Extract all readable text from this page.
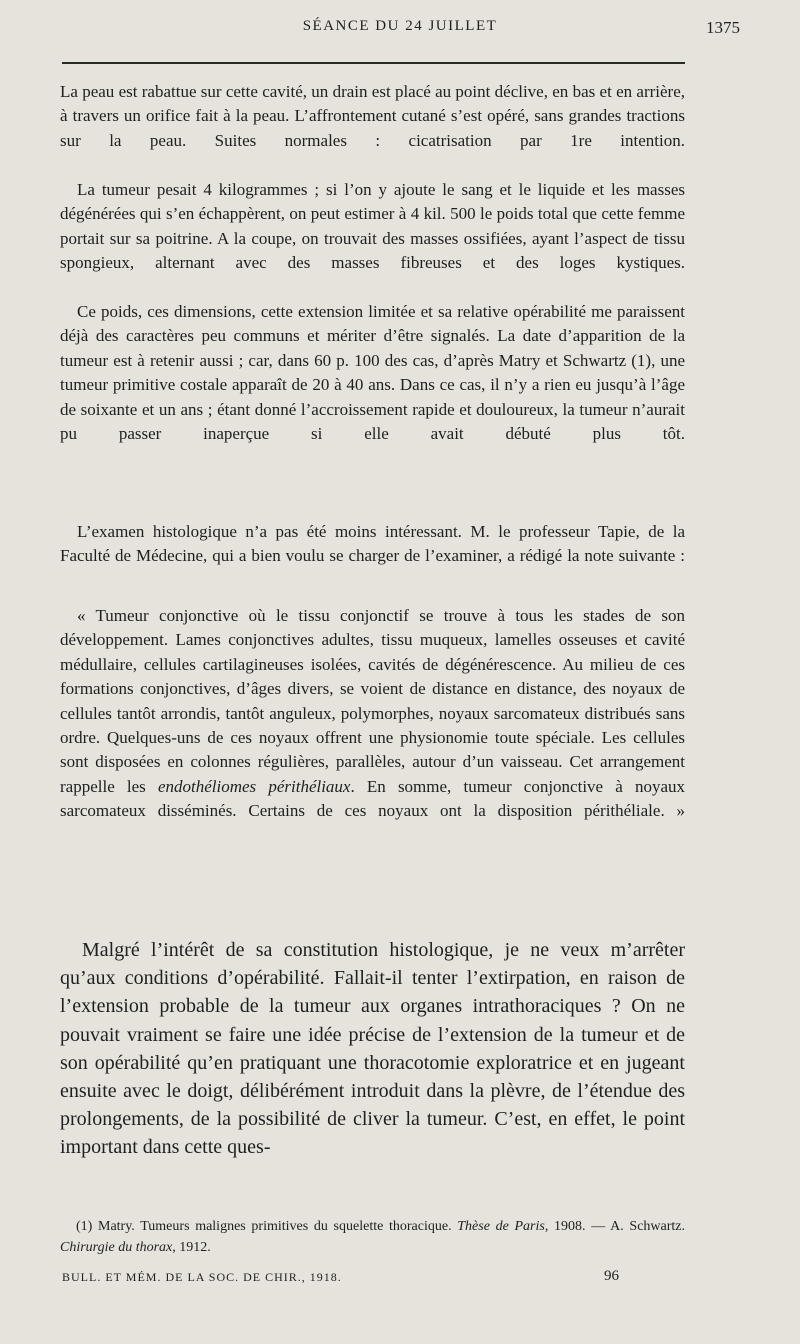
SÉANCE DU 24 JUILLET	1375

La peau est rabattue sur cette cavité, un drain est placé au point déclive, en bas et en arrière, à travers un orifice fait à la peau. L’affrontement cutané s’est opéré, sans grandes tractions sur la peau. Suites normales : cicatrisation par 1re intention.

La tumeur pesait 4 kilogrammes ; si l’on y ajoute le sang et le liquide et les masses dégénérées qui s’en échappèrent, on peut estimer à 4 kil. 500 le poids total que cette femme portait sur sa poitrine. A la coupe, on trouvait des masses ossifiées, ayant l’aspect de tissu spongieux, alternant avec des masses fibreuses et des loges kystiques.

Ce poids, ces dimensions, cette extension limitée et sa relative opérabilité me paraissent déjà des caractères peu communs et mériter d’être signalés. La date d’apparition de la tumeur est à retenir aussi ; car, dans 60 p. 100 des cas, d’après Matry et Schwartz (1), une tumeur primitive costale apparaît de 20 à 40 ans. Dans ce cas, il n’y a rien eu jusqu’à l’âge de soixante et un ans ; étant donné l’accroissement rapide et douloureux, la tumeur n’aurait pu passer inaperçue si elle avait débuté plus tôt.

L’examen histologique n’a pas été moins intéressant. M. le professeur Tapie, de la Faculté de Médecine, qui a bien voulu se charger de l’examiner, a rédigé la note suivante :

« Tumeur conjonctive où le tissu conjonctif se trouve à tous les stades de son développement. Lames conjonctives adultes, tissu muqueux, lamelles osseuses et cavité médullaire, cellules cartilagineuses isolées, cavités de dégénérescence. Au milieu de ces formations conjonctives, d’âges divers, se voient de distance en distance, des noyaux de cellules tantôt arrondis, tantôt anguleux, polymorphes, noyaux sarcomateux distribués sans ordre. Quelques-uns de ces noyaux offrent une physionomie toute spéciale. Les cellules sont disposées en colonnes régulières, parallèles, autour d’un vaisseau. Cet arrangement rappelle les endothéliomes périthéliaux. En somme, tumeur conjonctive à noyaux sarcomateux disséminés. Certains de ces noyaux ont la disposition périthéliale. »

Malgré l’intérêt de sa constitution histologique, je ne veux m’arrêter qu’aux conditions d’opérabilité. Fallait-il tenter l’extirpation, en raison de l’extension probable de la tumeur aux organes intrathoraciques ? On ne pouvait vraiment se faire une idée précise de l’extension de la tumeur et de son opérabilité qu’en pratiquant une thoracotomie exploratrice et en jugeant ensuite avec le doigt, délibérément introduit dans la plèvre, de l’étendue des prolongements, de la possibilité de cliver la tumeur. C’est, en effet, le point important dans cette ques-

(1) Matry. Tumeurs malignes primitives du squelette thoracique. Thèse de Paris, 1908. — A. Schwartz. Chirurgie du thorax, 1912.

BULL. ET MÉM. DE LA SOC. DE CHIR., 1918.	96
